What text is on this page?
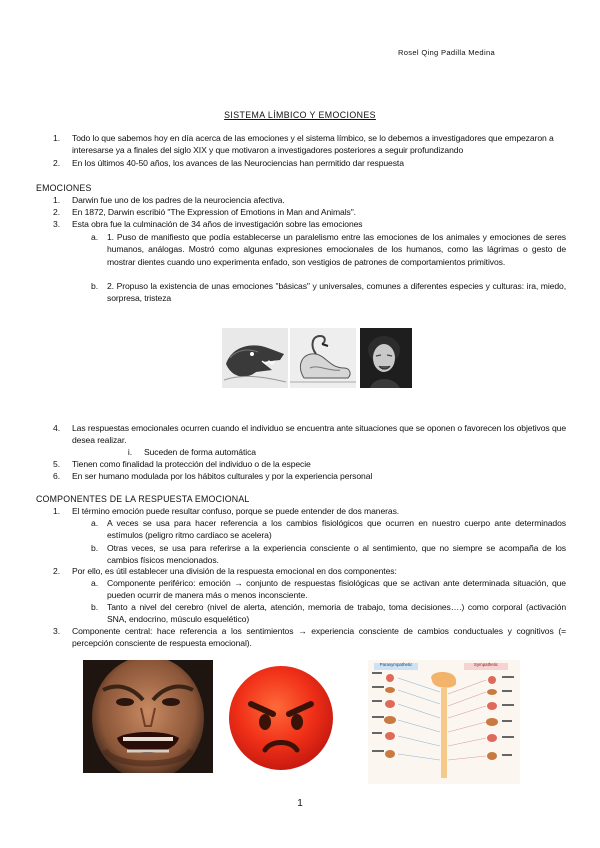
Rosel Qing Padilla Medina
SISTEMA LÍMBICO Y EMOCIONES
1. Todo lo que sabemos hoy en día acerca de las emociones y el sistema límbico, se lo debemos a investigadores que empezaron a interesarse ya a finales del siglo XIX y que motivaron a investigadores posteriores a seguir profundizando
2. En los últimos 40-50 años, los avances de las Neurociencias han permitido dar respuesta
EMOCIONES
1. Darwin fue uno de los padres de la neurociencia afectiva.
2. En 1872, Darwin escribió "The Expression of Emotions in Man and Animals".
3. Esta obra fue la culminación de 34 años de investigación sobre las emociones
a. 1. Puso de manifiesto que podía establecerse un paralelismo entre las emociones de los animales y emociones de seres humanos, análogas. Mostró como algunas expresiones emocionales de los humanos, como las lágrimas o gesto de mostrar dientes cuando uno experimenta enfado, son vestigios de patrones de comportamientos primitivos.
b. 2. Propuso la existencia de unas emociones "básicas" y universales, comunes a diferentes especies y culturas: ira, miedo, sorpresa, tristeza
4. Las respuestas emocionales ocurren cuando el individuo se encuentra ante situaciones que se oponen o favorecen los objetivos que desea realizar.
i. Suceden de forma automática
5. Tienen como finalidad la protección del individuo o de la especie
6. En ser humano modulada por los hábitos culturales y por la experiencia personal
COMPONENTES DE LA RESPUESTA EMOCIONAL
1. El término emoción puede resultar confuso, porque se puede entender de dos maneras.
a. A veces se usa para hacer referencia a los cambios fisiológicos que ocurren en nuestro cuerpo ante determinados estímulos (peligro ritmo cardiaco se acelera)
b. Otras veces, se usa para referirse a la experiencia consciente o al sentimiento, que no siempre se acompaña de los cambios físicos mencionados.
2. Por ello, es útil establecer una división de la respuesta emocional en dos componentes:
a. Componente periférico: emoción → conjunto de respuestas fisiológicas que se activan ante determinada situación, que pueden ocurrir de manera más o menos inconsciente.
b. Tanto a nivel del cerebro (nivel de alerta, atención, memoria de trabajo, toma decisiones….) como corporal (activación SNA, endocrino, músculo esquelético)
3. Componente central: hace referencia a los sentimientos → experiencia consciente de cambios conductuales y cognitivos (= percepción consciente de respuesta emocional).
Parasympathetic	Sympathetic
1
